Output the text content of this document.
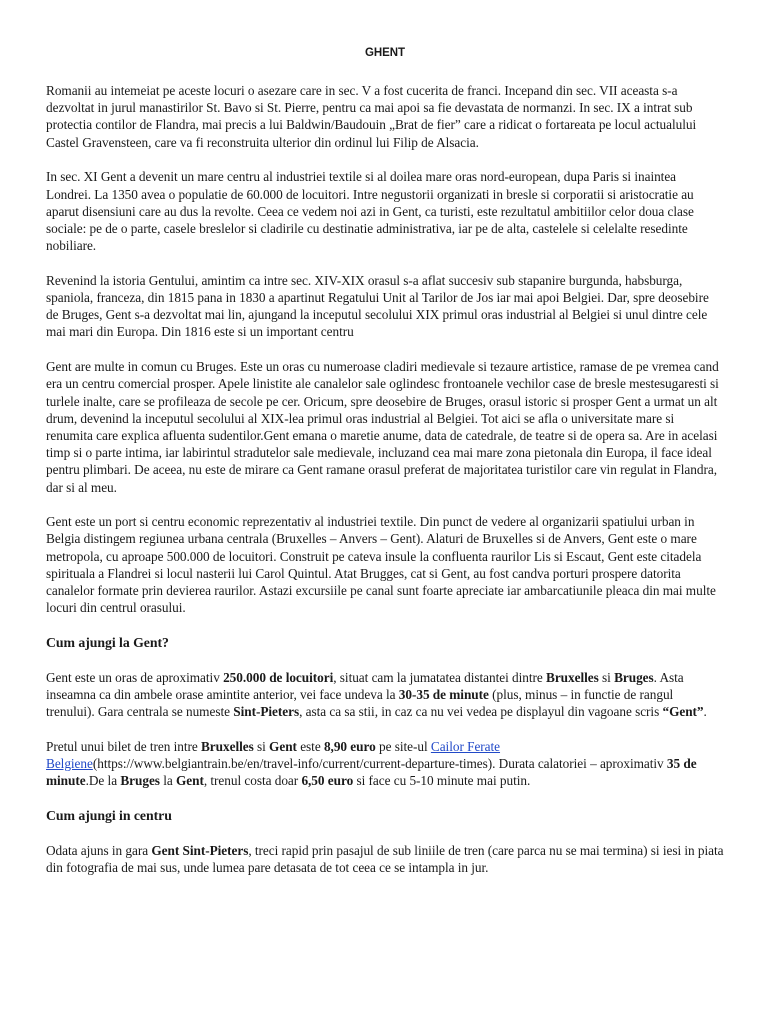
GHENT

Romanii au intemeiat pe aceste locuri o asezare care in sec. V a fost cucerita de franci. Incepand din sec. VII aceasta s-a dezvoltat in jurul manastirilor St. Bavo si St. Pierre, pentru ca mai apoi sa fie devastata de normanzi. In sec. IX a intrat sub protectia contilor de Flandra, mai precis a lui Baldwin/Baudouin „Brat de fier” care a ridicat o fortareata pe locul actualului Castel Gravensteen, care va fi reconstruita ulterior din ordinul lui Filip de Alsacia.

In sec. XI Gent a devenit un mare centru al industriei textile si al doilea mare oras nord-european, dupa Paris si inaintea Londrei. La 1350 avea o populatie de 60.000 de locuitori. Intre negustorii organizati in bresle si corporatii si aristocratie au aparut disensiuni care au dus la revolte. Ceea ce vedem noi azi in Gent, ca turisti, este rezultatul ambitiilor celor doua clase sociale: pe de o parte, casele breslelor si cladirile cu destinatie administrativa, iar pe de alta, castelele si celelalte resedinte nobiliare.

Revenind la istoria Gentului, amintim ca intre sec. XIV-XIX orasul s-a aflat succesiv sub stapanire burgunda, habsburga, spaniola, franceza, din 1815 pana in 1830 a apartinut Regatului Unit al Tarilor de Jos iar mai apoi Belgiei. Dar, spre deosebire de Bruges, Gent s-a dezvoltat mai lin, ajungand la inceputul secolului XIX primul oras industrial al Belgiei si unul dintre cele mai mari din Europa. Din 1816 este si un important centru

Gent are multe in comun cu Bruges. Este un oras cu numeroase cladiri medievale si tezaure artistice, ramase de pe vremea cand era un centru comercial prosper. Apele linistite ale canalelor sale oglindesc frontoanele vechilor case de bresle mestesugaresti si turlele inalte, care se profileaza de secole pe cer. Oricum, spre deosebire de Bruges, orasul istoric si prosper Gent a urmat un alt drum, devenind la inceputul secolului al XIX-lea primul oras industrial al Belgiei. Tot aici se afla o universitate mare si renumita care explica afluenta sudentilor.Gent emana o maretie anume, data de catedrale, de teatre si de opera sa. Are in acelasi timp si o parte intima, iar labirintul stradutelor sale medievale, incluzand cea mai mare zona pietonala din Europa, il face ideal pentru plimbari. De aceea, nu este de mirare ca Gent ramane orasul preferat de majoritatea turistilor care vin regulat in Flandra, dar si al meu.

Gent este un port si centru economic reprezentativ al industriei textile. Din punct de vedere al organizarii spatiului urban in Belgia distingem regiunea urbana centrala (Bruxelles – Anvers – Gent). Alaturi de Bruxelles si de Anvers, Gent este o mare metropola, cu aproape 500.000 de locuitori. Construit pe cateva insule la confluenta raurilor Lis si Escaut, Gent este citadela spirituala a Flandrei si locul nasterii lui Carol Quintul. Atat Brugges, cat si Gent, au fost candva porturi prospere datorita canalelor formate prin devierea raurilor. Astazi excursiile pe canal sunt foarte apreciate iar ambarcatiunile pleaca din mai multe locuri din centrul orasului.

Cum ajungi la Gent?

Gent este un oras de aproximativ 250.000 de locuitori, situat cam la jumatatea distantei dintre Bruxelles si Bruges. Asta inseamna ca din ambele orase amintite anterior, vei face undeva la 30-35 de minute (plus, minus – in functie de rangul trenului). Gara centrala se numeste Sint-Pieters, asta ca sa stii, in caz ca nu vei vedea pe displayul din vagoane scris “Gent”.

Pretul unui bilet de tren intre Bruxelles si Gent este 8,90 euro pe site-ul Cailor Ferate Belgiene(https://www.belgiantrain.be/en/travel-info/current/current-departure-times). Durata calatoriei – aproximativ 35 de minute.De la Bruges la Gent, trenul costa doar 6,50 euro si face cu 5-10 minute mai putin.

Cum ajungi in centru

Odata ajuns in gara Gent Sint-Pieters, treci rapid prin pasajul de sub liniile de tren (care parca nu se mai termina) si iesi in piata din fotografia de mai sus, unde lumea pare detasata de tot ceea ce se intampla in jur.
